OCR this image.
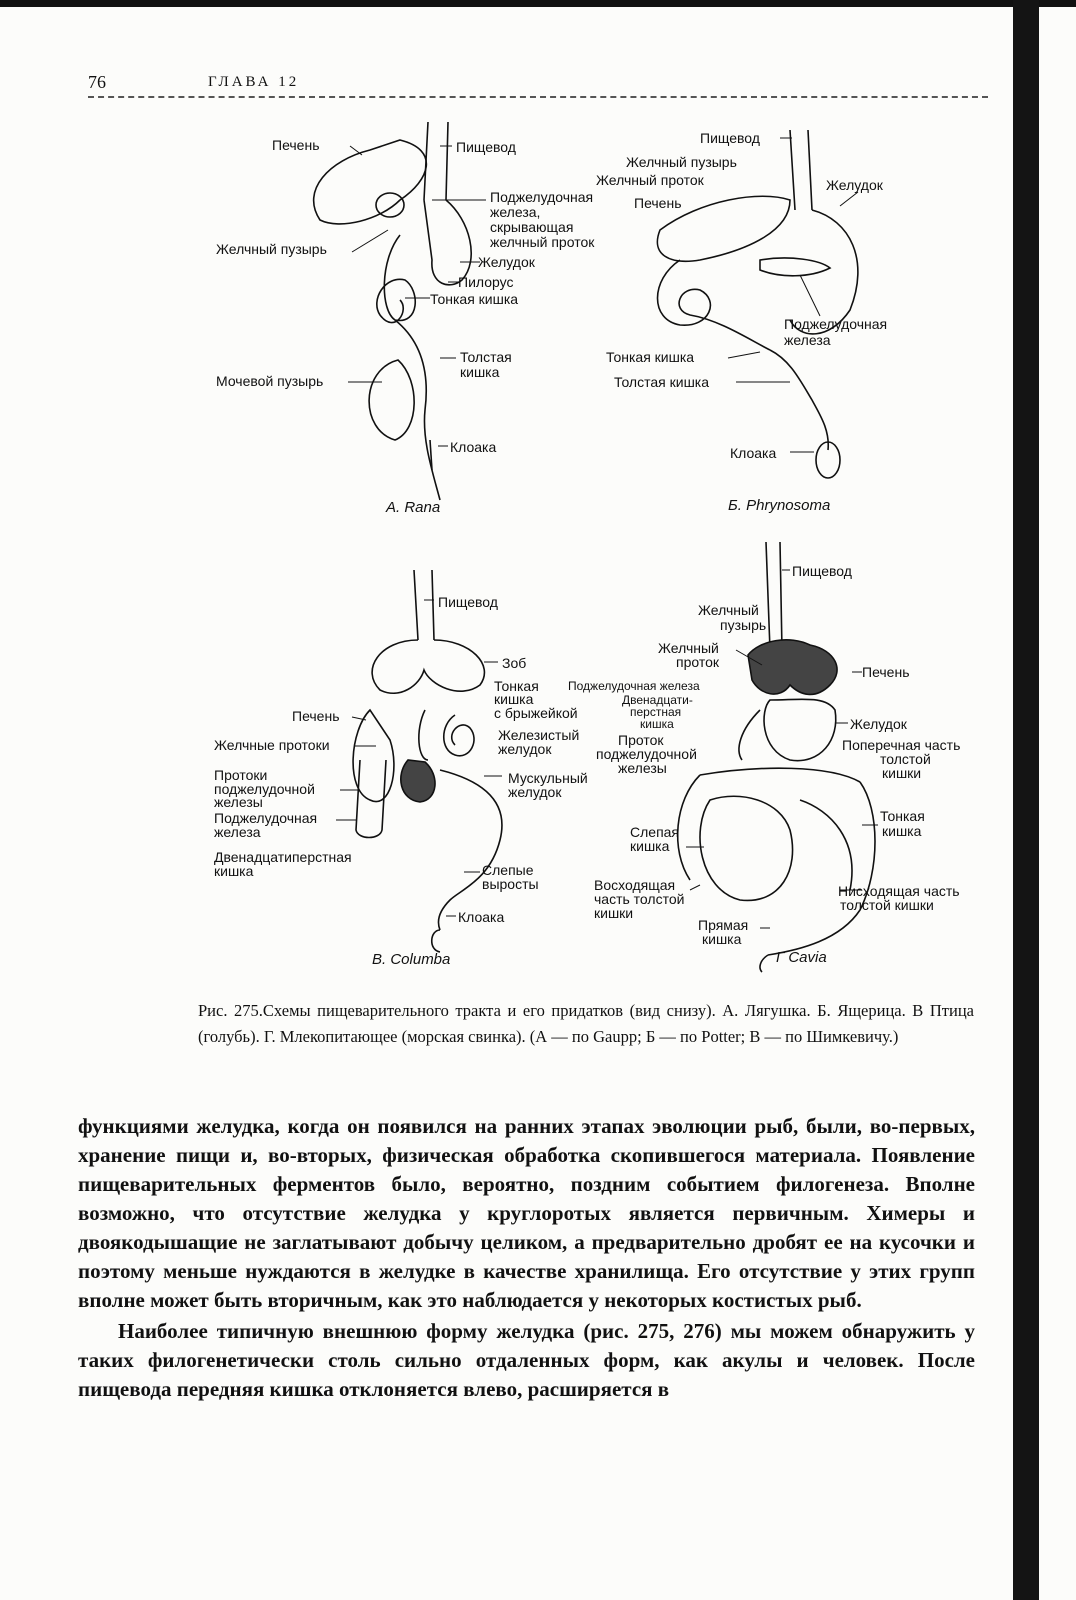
76	ГЛАВА 12
Печень	Пищевод
Поджелудочная
железа,
скрывающая
желчный проток
Желчный пузырь
Желудок
Пилорус
Тонкая кишка
Толстая
кишка
Мочевой пузырь
Клоака
A. Rana
Пищевод
Желчный пузырь
Желчный проток
Печень
Желудок
Поджелудочная
железа
Тонкая кишка
Толстая кишка
Клоака
Б. Phrynosoma
Пищевод
Зоб
Тонкая
кишка
с брыжейкой
Печень
Желчные протоки
Железистый
желудок
Протоки
поджелудочной
железы
Мускульный
желудок
Поджелудочная
железа
Двенадцатиперстная
кишка	Слепые
выросты
Клоака
B. Columba
Пищевод
Желчный
пузырь
Желчный
проток
Печень
Поджелудочная железа
Двенадцати-
перстная
кишка	Желудок
Проток
поджелудочной
железы
Поперечная часть
толстой
кишки
Слепая
кишка
Тонкая
кишка
Восходящая
часть толстой
кишки
Нисходящая часть
толстой кишки
Прямая
кишка
Г Cavia
Рис. 275.Схемы пищеварительного тракта и его придатков (вид снизу). А. Лягушка. Б. Ящерица. В Птица (голубь). Г. Млекопитающее (морская свинка). (А — по Gaupp; Б — по Potter; В — по Шимкевичу.)

функциями желудка, когда он появился на ранних этапах эволюции рыб, были, во-первых, хранение пищи и, во-вторых, физическая обработка скопившегося материала. Появление пищеварительных ферментов было, вероятно, поздним событием филогенеза. Вполне возможно, что отсутствие желудка у круглоротых является первичным. Химеры и двоякодышащие не заглатывают добычу целиком, а предварительно дробят ее на кусочки и поэтому меньше нуждаются в желудке в качестве хранилища. Его отсутствие у этих групп вполне может быть вторичным, как это наблюдается у некоторых костистых рыб.

Наиболее типичную внешнюю форму желудка (рис. 275, 276) мы можем обнаружить у таких филогенетически столь сильно отдаленных форм, как акулы и человек. После пищевода передняя кишка отклоняется влево, расширяется в
